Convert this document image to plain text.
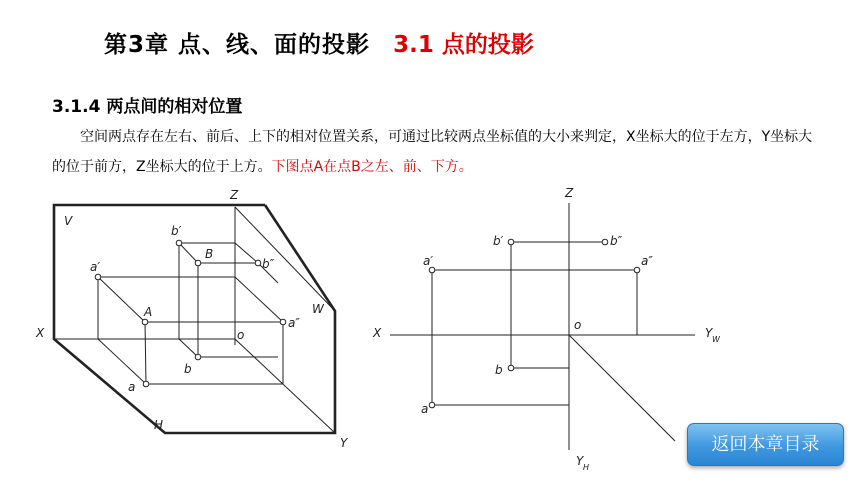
第3章 点、线、面的投影 3.1 点的投影
3.1.4 两点间的相对位置
空间两点存在左右、前后、上下的相对位置关系，可通过比较两点坐标值的大小来判定，X坐标大的位于左方，Y坐标大的位于前方，Z坐标大的位于上方。下图点A在点B之左、前、下方。
V
Z
X
Y
H
W
o
a′
b′
a″
b″
A
B
a
b
Z
X	Y W
Y H
o
a′
b′	b″
a″
b
a
返回本章目录
